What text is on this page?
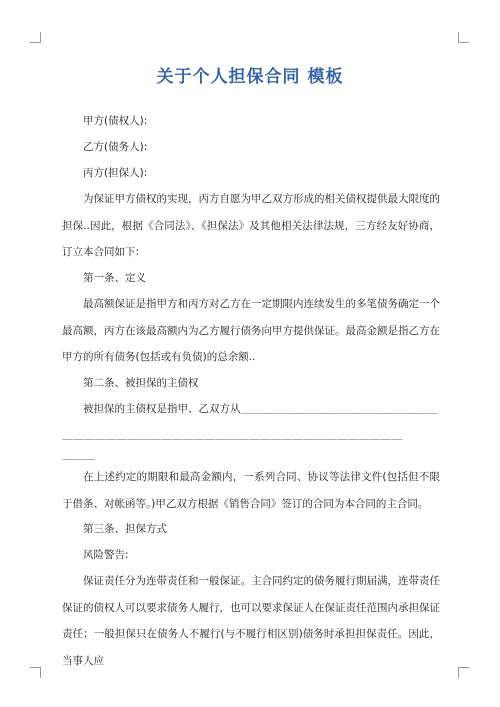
关于个人担保合同 模板

甲方(债权人):

乙方(债务人):

丙方(担保人):

为保证甲方债权的实现，丙方自愿为甲乙双方形成的相关债权提供最大限度的担保..因此，根据《合同法》、《担保法》及其他相关法律法规，三方经友好协商，订立本合同如下:

第一条、定义

最高额保证是指甲方和丙方对乙方在一定期限内连续发生的多笔债务确定一个最高额，丙方在该最高额内为乙方履行债务向甲方提供保证。最高金额是指乙方在甲方的所有债务(包括或有负债)的总余额..

第二条、被担保的主债权

被担保的主债权是指甲、乙双方从＿＿＿＿＿＿＿＿＿＿＿＿＿＿＿＿＿＿

＿＿＿＿＿＿＿＿＿＿＿＿＿＿＿＿＿＿＿＿＿＿＿＿＿＿＿＿＿＿＿

＿＿＿

在上述约定的期限和最高金额内，一系列合同、协议等法律文件(包括但不限于借条、对帐函等。)甲乙双方根据《销售合同》签订的合同为本合同的主合同。

第三条、担保方式

风险警告:

保证责任分为连带责任和一般保证。主合同约定的债务履行期届满，连带责任保证的债权人可以要求债务人履行，也可以要求保证人在保证责任范围内承担保证责任；一般担保只在债务人不履行(与不履行相区别)债务时承担担保责任。因此，当事人应
